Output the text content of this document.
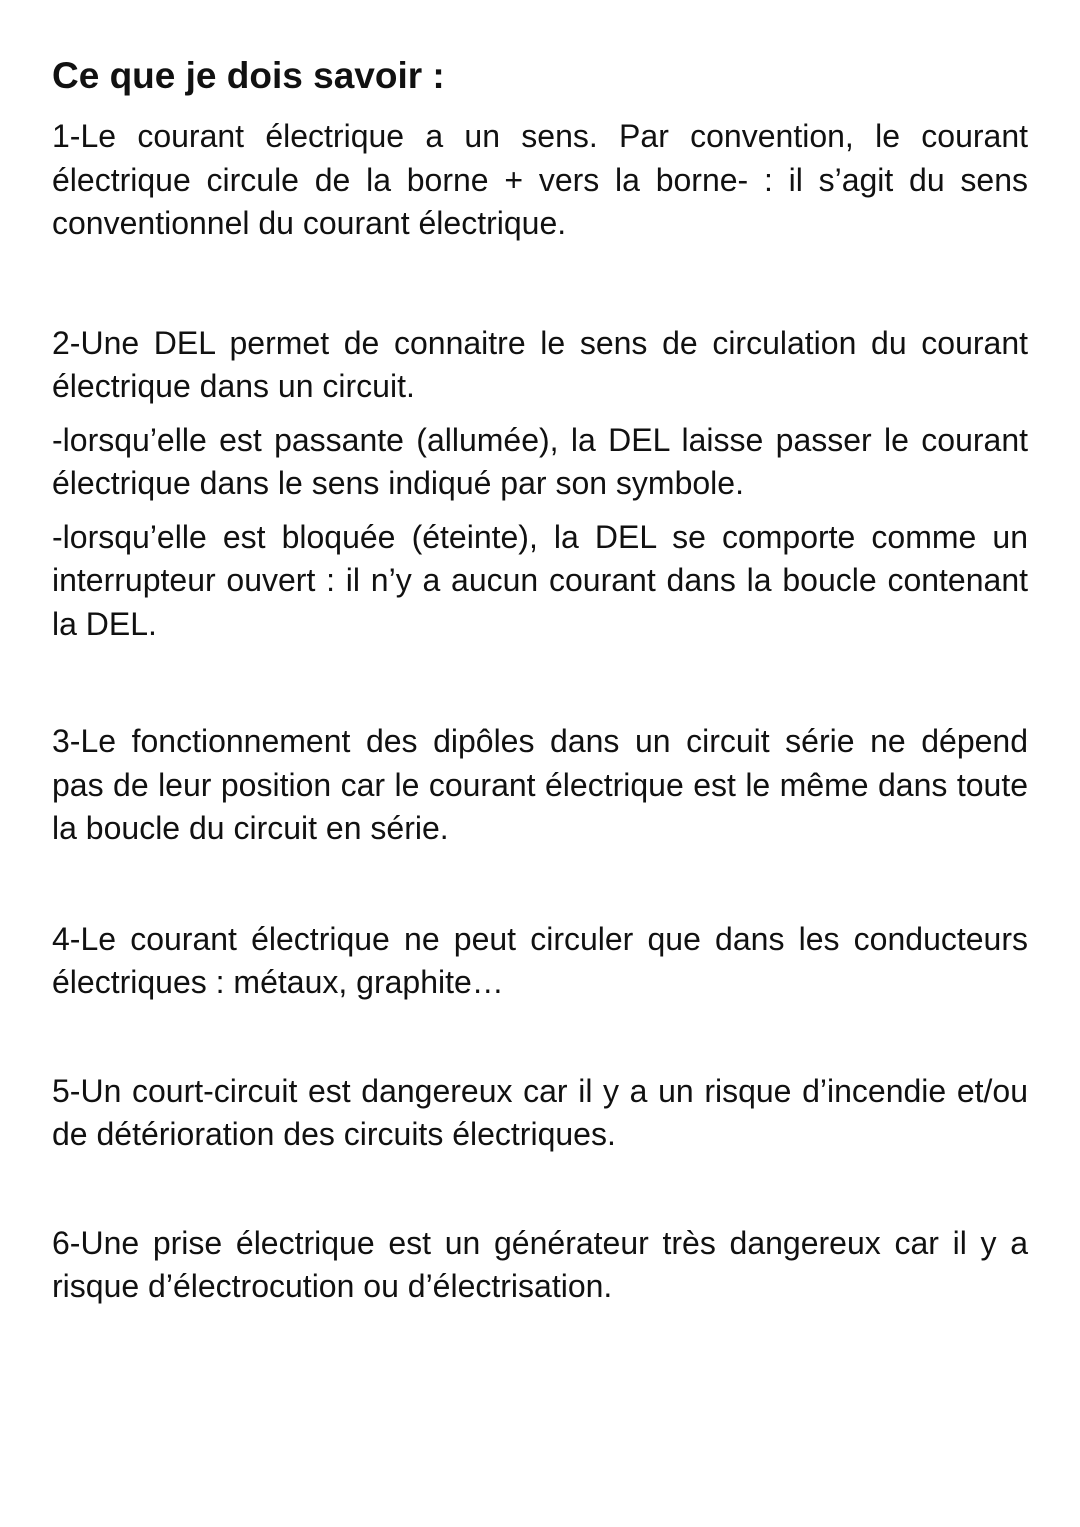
Ce que je dois savoir :

1-Le courant électrique a un sens. Par convention, le courant électrique circule de la borne + vers la borne- : il s’agit du sens conventionnel du courant électrique.

2-Une DEL permet de connaitre le sens de circulation du courant électrique dans un circuit.

-lorsqu’elle est passante (allumée), la DEL laisse passer le courant électrique dans le sens indiqué par son symbole.

-lorsqu’elle est bloquée (éteinte), la DEL se comporte comme un interrupteur ouvert : il n’y a aucun courant dans la boucle contenant la DEL.

3-Le fonctionnement des dipôles dans un circuit série ne dépend pas de leur position car le courant électrique est le même dans toute la boucle du circuit en série.

4-Le courant électrique ne peut circuler que dans les conducteurs électriques : métaux, graphite…

5-Un court-circuit est dangereux car il y a un risque d’incendie et/ou de détérioration des circuits électriques.

6-Une prise électrique est un générateur très dangereux car il y a risque d’électrocution ou d’électrisation.
